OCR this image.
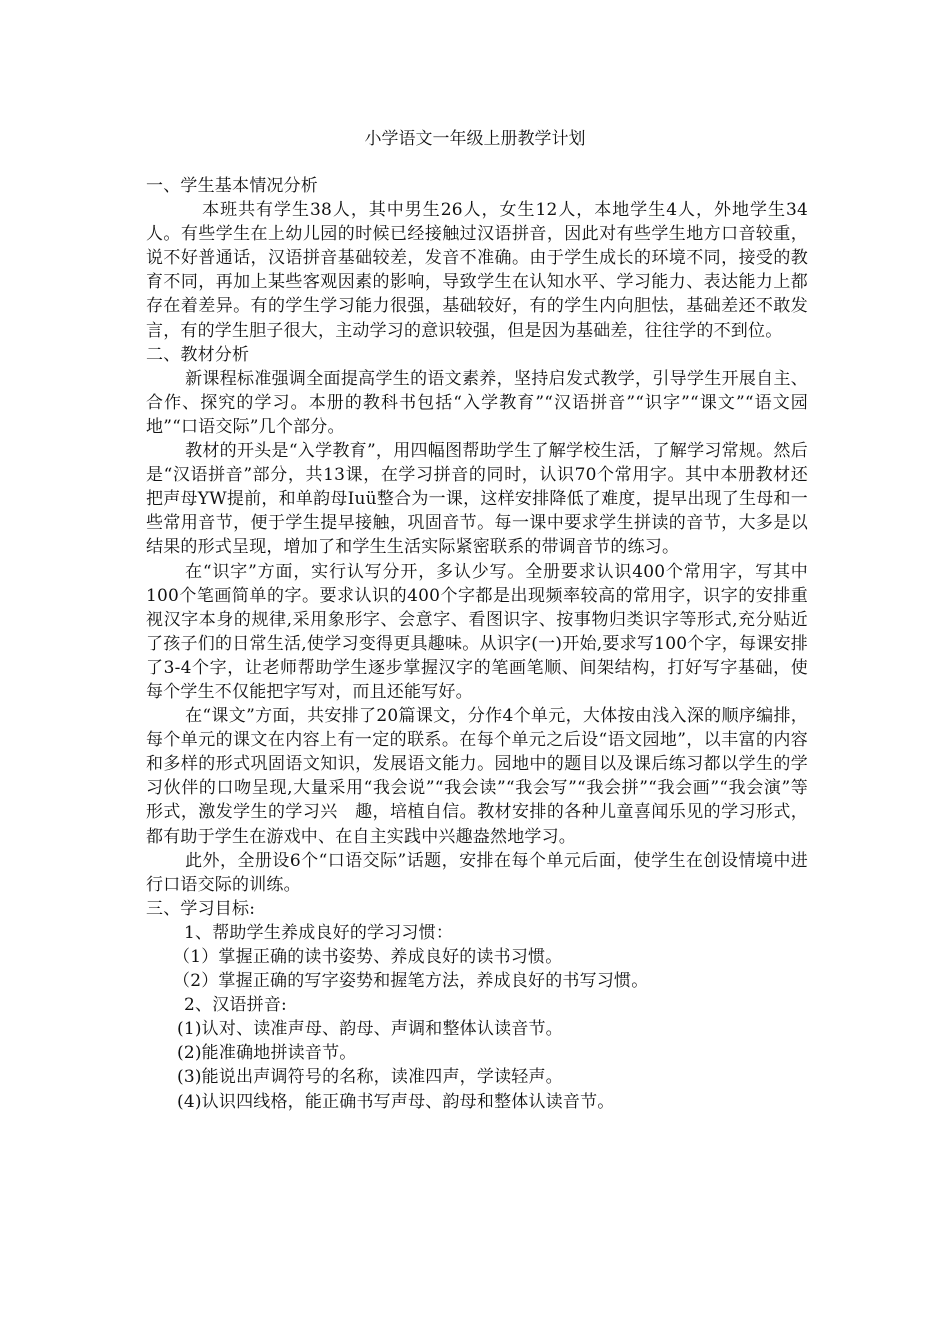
小学语文一年级上册教学计划

一、学生基本情况分析

本班共有学生38人，其中男生26人，女生12人，本地学生4人，外地学生34人。有些学生在上幼儿园的时候已经接触过汉语拼音，因此对有些学生地方口音较重，说不好普通话，汉语拼音基础较差，发音不准确。由于学生成长的环境不同，接受的教育不同，再加上某些客观因素的影响，导致学生在认知水平、学习能力、表达能力上都存在着差异。有的学生学习能力很强，基础较好，有的学生内向胆怯，基础差还不敢发言，有的学生胆子很大，主动学习的意识较强，但是因为基础差，往往学的不到位。

二、教材分析

新课程标准强调全面提高学生的语文素养，坚持启发式教学，引导学生开展自主、合作、探究的学习。本册的教科书包括“入学教育”“汉语拼音”“识字”“课文”“语文园地”“口语交际”几个部分。

教材的开头是“入学教育”，用四幅图帮助学生了解学校生活，了解学习常规。然后是“汉语拼音”部分，共13课，在学习拼音的同时，认识70个常用字。其中本册教材还把声母YW提前，和单韵母Iuü整合为一课，这样安排降低了难度，提早出现了生母和一些常用音节，便于学生提早接触，巩固音节。每一课中要求学生拼读的音节，大多是以结果的形式呈现，增加了和学生生活实际紧密联系的带调音节的练习。

在“识字”方面，实行认写分开，多认少写。全册要求认识400个常用字，写其中100个笔画简单的字。要求认识的400个字都是出现频率较高的常用字，识字的安排重视汉字本身的规律,采用象形字、会意字、看图识字、按事物归类识字等形式,充分贴近了孩子们的日常生活,使学习变得更具趣味。从识字(一)开始,要求写100个字，每课安排了3-4个字，让老师帮助学生逐步掌握汉字的笔画笔顺、间架结构，打好写字基础，使每个学生不仅能把字写对，而且还能写好。

在“课文”方面，共安排了20篇课文，分作4个单元，大体按由浅入深的顺序编排，每个单元的课文在内容上有一定的联系。在每个单元之后设“语文园地”，以丰富的内容和多样的形式巩固语文知识，发展语文能力。园地中的题目以及课后练习都以学生的学习伙伴的口吻呈现,大量采用“我会说”“我会读”“我会写”“我会拼”“我会画”“我会演”等形式，激发学生的学习兴　趣，培植自信。教材安排的各种儿童喜闻乐见的学习形式，都有助于学生在游戏中、在自主实践中兴趣盎然地学习。

此外，全册设6个“口语交际”话题，安排在每个单元后面，使学生在创设情境中进行口语交际的训练。

三、学习目标:

1、帮助学生养成良好的学习习惯：

（1）掌握正确的读书姿势、养成良好的读书习惯。

（2）掌握正确的写字姿势和握笔方法，养成良好的书写习惯。

2、汉语拼音:

(1)认对、读准声母、韵母、声调和整体认读音节。

(2)能准确地拼读音节。

(3)能说出声调符号的名称，读准四声，学读轻声。

(4)认识四线格，能正确书写声母、韵母和整体认读音节。
